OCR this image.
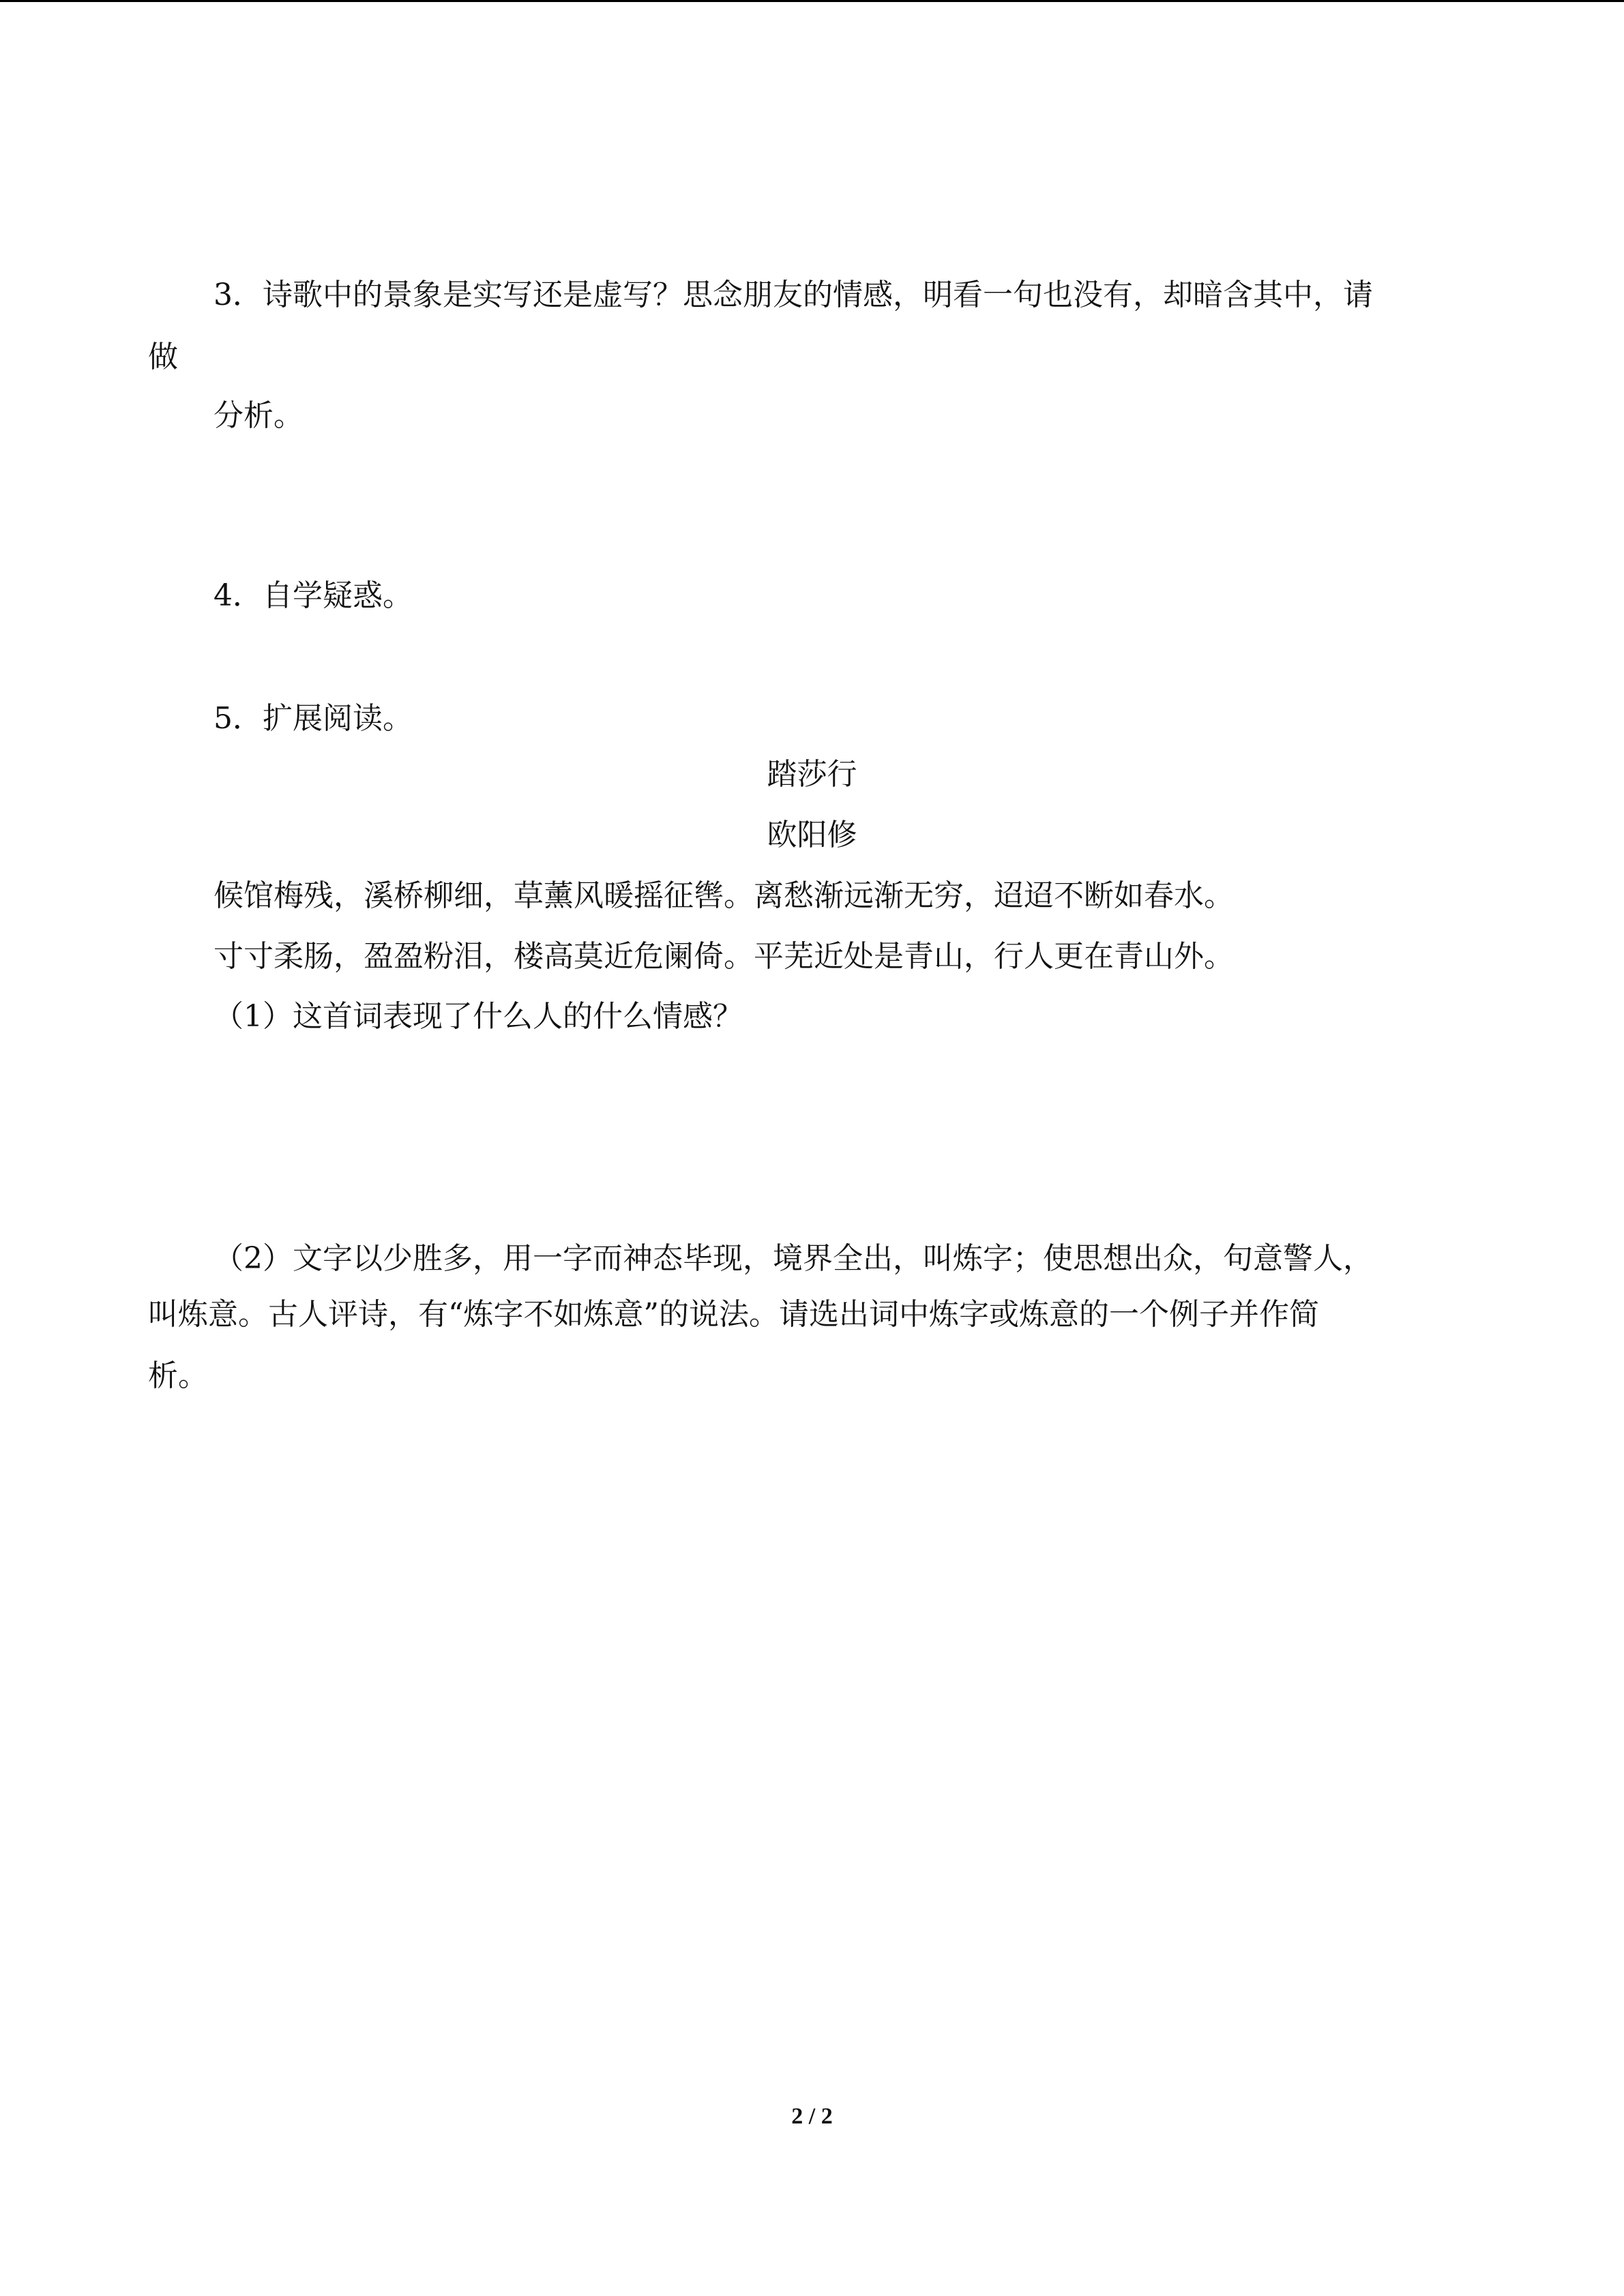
3．诗歌中的景象是实写还是虚写？思念朋友的情感，明看一句也没有，却暗含其中，请
做
分析。
4．自学疑惑。
5．扩展阅读。
踏莎行
欧阳修
候馆梅残，溪桥柳细，草薰风暖摇征辔。离愁渐远渐无穷，迢迢不断如春水。
寸寸柔肠，盈盈粉泪，楼高莫近危阑倚。平芜近处是青山，行人更在青山外。
（1）这首词表现了什么人的什么情感？
（2）文字以少胜多，用一字而神态毕现，境界全出，叫炼字；使思想出众，句意警人，
叫炼意。古人评诗，有“炼字不如炼意”的说法。请选出词中炼字或炼意的一个例子并作简
析。
2 / 2
